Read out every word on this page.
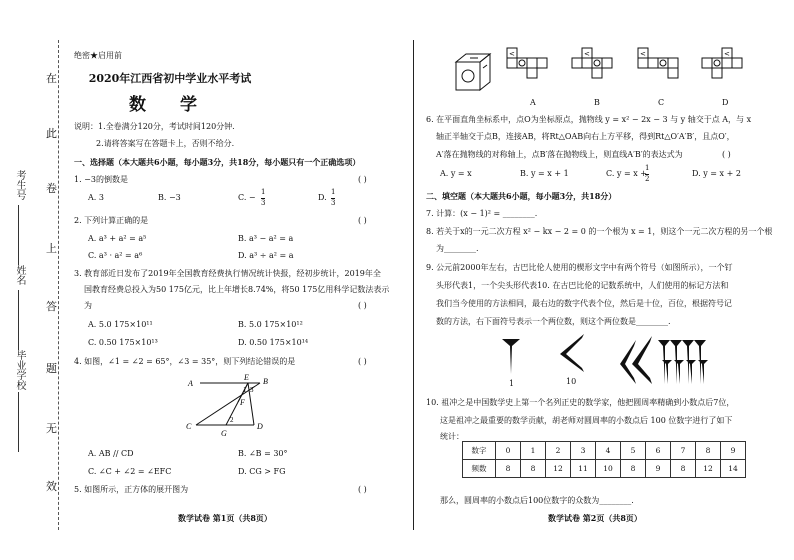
在
此
卷
上
答
题
无
效
考生号
姓名
毕业学校
绝密★启用前
2020年江西省初中学业水平考试
数 学
说明：1.全卷满分120分，考试时间120分钟.
2.请将答案写在答题卡上，否则不给分.
一、选择题（本大题共6小题，每小题3分，共18分，每小题只有一个正确选项）
1. −3的倒数是	( )
A. 3	B. −3	C. −
1
3
D.
1
3
2. 下列计算正确的是	( )
A. a³ + a² = a⁵	B. a³ − a² = a
C. a³ · a² = a⁶	D. a³ ÷ a² = a
3. 教育部近日发布了2019年全国教育经费执行情况统计快报，经初步统计，2019年全
国教育经费总投入为50 175亿元，比上年增长8.74%，将50 175亿用科学记数法表示
为	( )
A. 5.0 175×10¹¹	B. 5.0 175×10¹²
C. 0.50 175×10¹³	D. 0.50 175×10¹⁴
4. 如图，∠1 = ∠2 = 65°，∠3 = 35°，则下列结论错误的是	( )
A	B
E
F
C
G
D
1 3
2
A. AB // CD	B. ∠B = 30°
C. ∠C + ∠2 = ∠EFC	D. CG > FG
5. 如图所示，正方体的展开图为	( )
数学试卷 第1页（共8页）
<	<	<	<
A	B	C	D
6. 在平面直角坐标系中，点O为坐标原点，抛物线 y = x² − 2x − 3 与 y 轴交于点 A，与 x
轴正半轴交于点B，连接AB，将Rt△OAB向右上方平移，得到Rt△O′A′B′，且点O′，
A′落在抛物线的对称轴上，点B′落在抛物线上，则直线A′B′的表达式为	( )
A. y = x	B. y = x + 1	C. y = x +
1
2
D. y = x + 2
二、填空题（本大题共6小题，每小题3分，共18分）
7. 计算：(x − 1)² = ________.
8. 若关于x的一元二次方程 x² − kx − 2 = 0 的一个根为 x = 1，则这个一元二次方程的另一个根
为________.
9. 公元前2000年左右，古巴比伦人使用的楔形文字中有两个符号（如图所示），一个钉
头形代表1，一个尖头形代表10. 在古巴比伦的记数系统中，人们使用的标记方法和
我们当今使用的方法相同，最右边的数字代表个位，然后是十位，百位，根据符号记
数的方法，右下面符号表示一个两位数，则这个两位数是________.
1	10
10. 祖冲之是中国数学史上第一个名列正史的数学家，他把圆周率精确到小数点后7位，
这是祖冲之最重要的数学贡献，胡老师对圆周率的小数点后 100 位数字进行了如下
统计：
数字	0	1	2	3	4	5	6	7	8	9
频数	8	8	12	11	10	8	9	8	12	14
那么，圆周率的小数点后100位数字的众数为________.
数学试卷 第2页（共8页）
